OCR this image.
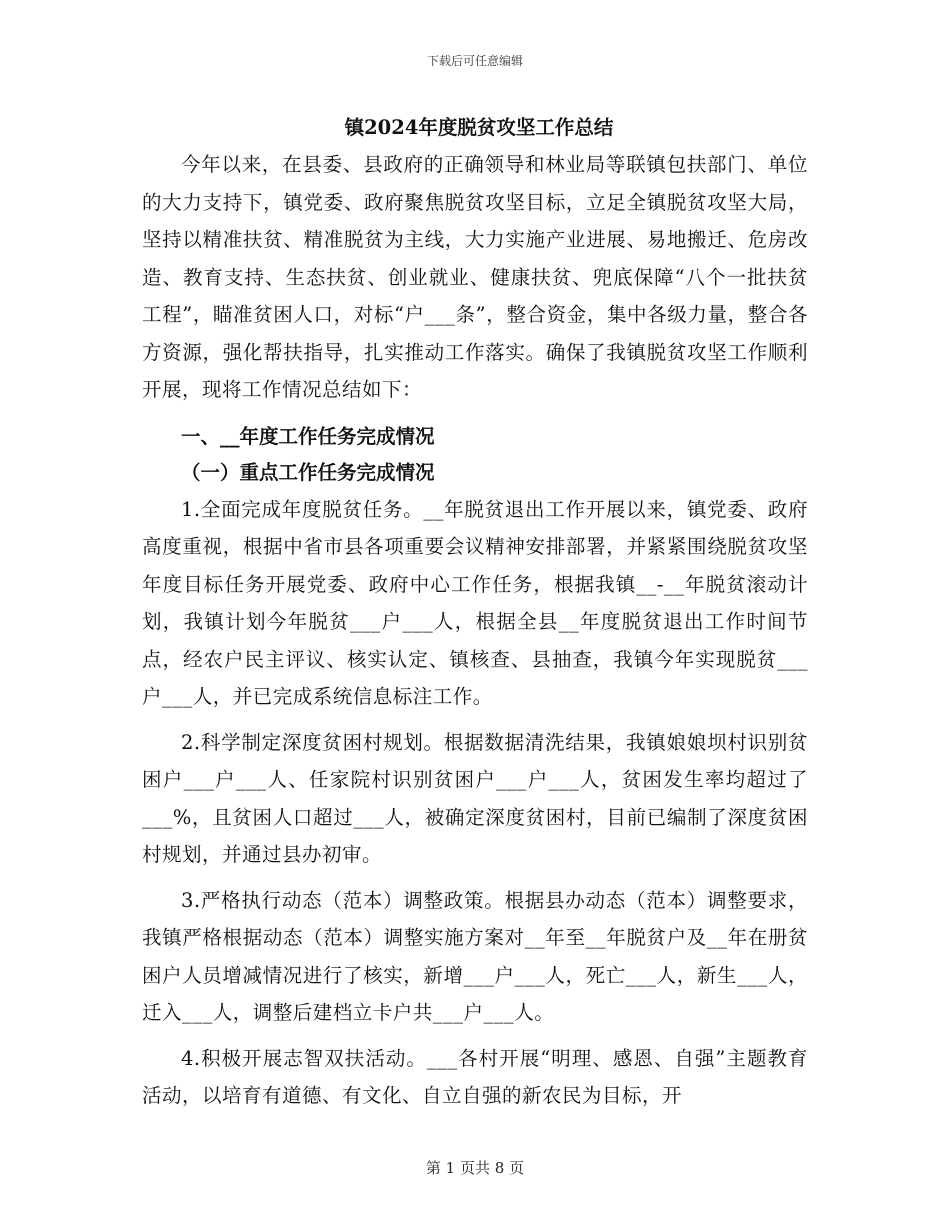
下载后可任意编辑
镇2024年度脱贫攻坚工作总结

今年以来，在县委、县政府的正确领导和林业局等联镇包扶部门、单位的大力支持下，镇党委、政府聚焦脱贫攻坚目标，立足全镇脱贫攻坚大局，坚持以精准扶贫、精准脱贫为主线，大力实施产业进展、易地搬迁、危房改造、教育支持、生态扶贫、创业就业、健康扶贫、兜底保障“八个一批扶贫工程”，瞄准贫困人口，对标“户___条”，整合资金，集中各级力量，整合各方资源，强化帮扶指导，扎实推动工作落实。确保了我镇脱贫攻坚工作顺利开展，现将工作情况总结如下：

一、__年度工作任务完成情况

（一）重点工作任务完成情况

1.全面完成年度脱贫任务。__年脱贫退出工作开展以来，镇党委、政府高度重视，根据中省市县各项重要会议精神安排部署，并紧紧围绕脱贫攻坚年度目标任务开展党委、政府中心工作任务，根据我镇__-__年脱贫滚动计划，我镇计划今年脱贫___户___人，根据全县__年度脱贫退出工作时间节点，经农户民主评议、核实认定、镇核查、县抽查，我镇今年实现脱贫___户___人，并已完成系统信息标注工作。

2.科学制定深度贫困村规划。根据数据清洗结果，我镇娘娘坝村识别贫困户___户___人、任家院村识别贫困户___户___人，贫困发生率均超过了___%，且贫困人口超过___人，被确定深度贫困村，目前已编制了深度贫困村规划，并通过县办初审。

3.严格执行动态（范本）调整政策。根据县办动态（范本）调整要求，我镇严格根据动态（范本）调整实施方案对__年至__年脱贫户及__年在册贫困户人员增减情况进行了核实，新增___户___人，死亡___人，新生___人，迁入___人，调整后建档立卡户共___户___人。

4.积极开展志智双扶活动。___各村开展“明理、感恩、自强”主题教育活动，以培育有道德、有文化、自立自强的新农民为目标，开

第 1 页共 8 页
